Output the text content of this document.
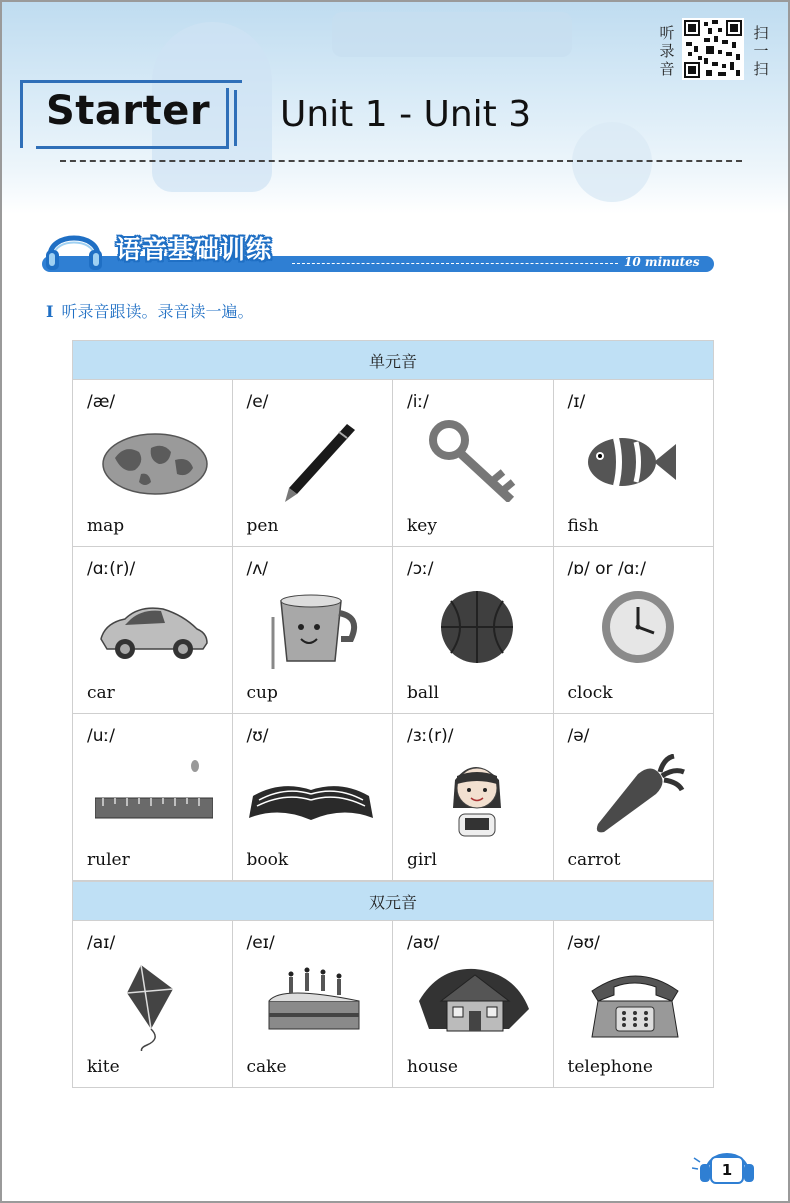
Starter Unit 1 - Unit 3
听
录
音
扫
一
扫
10 minutes
语音基础训练
I 听录音跟读。录音读一遍。
单元音
/æ/
map
/e/
pen
/iː/
key
/ɪ/
fish
/ɑː(r)/
car
/ʌ/
cup
/ɔː/
ball
/ɒ/ or /ɑː/
clock
/uː/
ruler
/ʊ/
book
/ɜː(r)/
girl
/ə/
carrot
双元音
/aɪ/
kite
/eɪ/
cake
/aʊ/
house
/əʊ/
telephone
1
